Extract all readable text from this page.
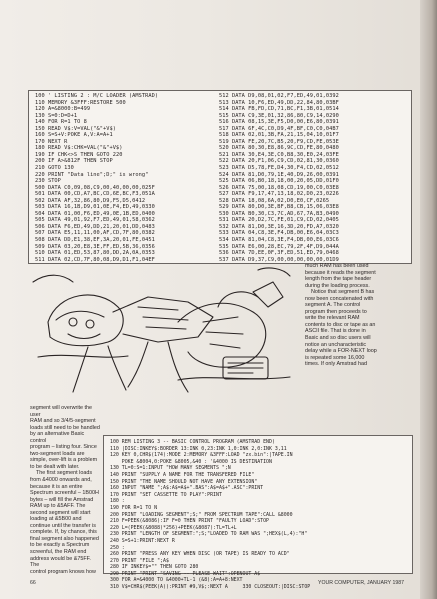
100 ' LISTING 2 : M/C LOADER (AMSTRAD)
110 MEMORY &3FFF:RESTORE 500
120 A=&8000:B=499
130 S=0:D=D+1
140 FOR R=1 TO 8
150 READ V$:V=VAL("&"+V$)
160 S=S+V:POKE A,V:A=A+1
170 NEXT R
180 READ V$:CHK=VAL("&"+V$)
190 IF CHK<>S THEN GOTO 220
200 IF A>&812F THEN STOP
210 GOTO 130
220 PRINT "Data line";D;" is wrong"
230 STOP
500 DATA C0,09,08,C9,00,40,00,00,025F
501 DATA 00,CD,A7,BC,CD,6E,BC,F3,051A
502 DATA AF,32,86,80,D9,F5,D5,0412
503 DATA 16,1B,D9,01,0E,F4,ED,49,0330
504 DATA 01,00,F6,ED,49,0E,1B,ED,0400
505 DATA 49,01,92,F7,ED,49,01,58,0362
506 DATA F6,ED,49,DD,21,20,01,DD,0483
507 DATA E5,11,11,00,AF,CD,7F,80,0382
508 DATA DD,E1,38,EF,3A,20,01,FE,0451
509 DATA 03,20,E8,3E,FF,ED,5B,36,0356
510 DATA 01,ED,53,87,80,DD,2A,0A,0353
511 DATA 02,CD,7F,80,08,D9,D1,F1,04EF
512 DATA D9,08,01,02,F7,ED,49,01,0392
513 DATA 10,F6,ED,49,DD,22,84,80,03BF
514 DATA FB,FD,CD,71,BC,F1,3B,01,0514
515 DATA C9,3E,01,32,86,80,C9,14,0290
516 DATA 08,15,3E,F5,D0,00,E6,80,0391
517 DATA 6F,4C,C0,D9,4F,BF,C0,C0,04B7
518 DATA 02,01,3B,FA,21,15,04,10,01F7
519 DATA FE,20,7C,B5,20,F9,CD,FE,053E
520 DATA 80,30,E8,86,9C,CD,FE,80,0480
521 DATA 30,E4,3E,C0,B8,30,E0,24,03FE
522 DATA 20,F1,06,C9,CD,02,81,30,0360
523 DATA D5,78,FE,D4,30,F4,CD,02,0512
524 DATA 81,D0,79,1E,40,D9,26,00,0391
525 DATA 06,B0,18,18,00,20,05,DD,01F0
526 DATA 75,00,18,08,CD,19,00,C0,03E8
527 DATA F9,17,47,13,18,02,D0,23,0226
528 DATA 18,08,6A,02,D0,E0,CF,0265
529 DATA 80,D0,3E,BF,B8,CB,15,06,03E8
530 DATA B0,30,C3,7C,AD,67,7A,B3,0490
531 DATA 20,D2,7C,FE,01,C9,CD,02,0405
532 DATA 81,D0,3E,16,3D,20,FD,A7,0320
533 DATA 04,C8,3E,F4,DB,00,E6,04,03C3
534 DATA 81,04,C8,3E,F4,DB,00,E6,03C6
535 DATA E6,00,28,EC,79,2F,4F,D9,044A
536 DATA 7D,EE,0F,3F,ED,51,ED,79,0468
537 DATA D9,37,C9,00,00,00,00,00,01D9

much RAM has been used

because it reads the segment

length from the tape header

during the loading process.

Notice that segment B has

now been concatenated with

segment A. The control

program then proceeds to

write the relevant RAM

contents to disc or tape as an

ASCII file. That is done in

Basic and so disc users will

notice an uncharacteristic

delay while a FOR-NEXT loop

is repeated some 16,000

times. If only Amstrad had

segment will overwrite the user

RAM and so 3/4/5-segment

loads still need to be handled

by an alternative Basic control

program – listing four. Since

two-segment loads are

simple, over-lift is a problem

to be dealt with later.

The first segment loads

from &4000 onwards and,

because it is an entire

Spectrum screenful – 1B00H

bytes – will fill the Amstrad

RAM up to &5AFF. The

second segment will start

loading at &5B00 and

continue until the transfer is

complete. If, by chance, this

final segment also happened

to be exactly a Spectrum

screenful, the RAM end

address would be &75FF. The

control program knows how

100 REM LISTING 3 -- BASIC CONTROL PROGRAM (AMSTRAD END)
110 |DISC:INKEY$:BORDER 13:INK 0,23:INK 1,0:INK 2,0:INK 3,11
120 KEY 0,CHR$(174):MODE 2:MEMORY &3FFF:LOAD "zx.bin":|TAPE.IN
POKE &8004,0:POKE &8005,&40 : '&4000 IS DESTINATION
130 TL=0:S=1:INPUT "HOW MANY SEGMENTS ";N
140 PRINT "SUPPLY A NAME FOR THE TRANSFERED FILE"
150 PRINT "THE NAME SHOULD NOT HAVE ANY EXTENSION"
160 INPUT "NAME ";A$:A$=A$+".BAS":A$=A$+".ASC":PRINT
170 PRINT "SET CASSETTE TO PLAY":PRINT
180 :
190 FOR R=1 TO N
200 PRINT "LOADING SEGMENT";S;" FROM SPECTRUM TAPE":CALL &8000
210 F=PEEK(&8086):IF F=0 THEN PRINT "FAULTY LOAD":STOP
220 L=(PEEK(&8088)*256)+PEEK(&8087):TL=TL+L
230 PRINT "LENGTH OF SEGMENT:";S;"LOADED TO RAM WAS ";HEX$(L,4):"H"
240 S=S+1:PRINT:NEXT R
250 :
260 PRINT "PRESS ANY KEY WHEN DISC (OR TAPE) IS READY TO ACD"
270 PRINT "FILE ";A$
280 IF INKEY$="" THEN GOTO 280
290 PRINT "PRINT "SAVING -- PLEASE WAIT":OPENOUT A$
300 FOR A=&4000 TO &4000+TL-1 (&8):A=A+8:NEXT
310 V$=CHR$(PEEK(A)):PRINT #9,V$;:NEXT A     330 CLOSEOUT:|DISC:STOP
66	YOUR COMPUTER, JANUARY 1987
